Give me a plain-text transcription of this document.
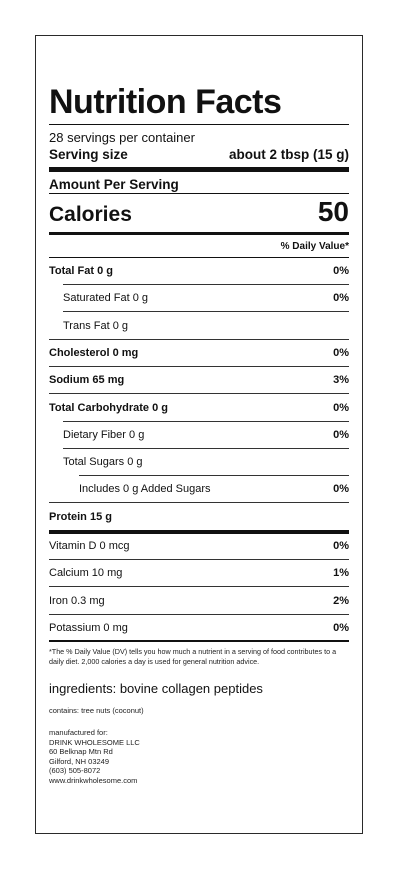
Nutrition Facts
28 servings per container
Serving size	about 2 tbsp (15 g)
Amount Per Serving
Calories	50
% Daily Value*
Total Fat 0 g	0%
Saturated Fat 0 g	0%
Trans Fat 0 g
Cholesterol 0 mg	0%
Sodium 65 mg	3%
Total Carbohydrate 0 g	0%
Dietary Fiber 0 g	0%
Total Sugars 0 g
Includes 0 g Added Sugars	0%
Protein 15 g
Vitamin D 0 mcg	0%
Calcium 10 mg	1%
Iron 0.3 mg	2%
Potassium 0 mg	0%
*The % Daily Value (DV) tells you how much a nutrient in a serving of food contributes to a daily diet. 2,000 calories a day is used for general nutrition advice.
ingredients: bovine collagen peptides
contains: tree nuts (coconut)
manufactured for:
DRINK WHOLESOME LLC
60 Belknap Mtn Rd
Gilford, NH 03249
(603) 505-8072
www.drinkwholesome.com
